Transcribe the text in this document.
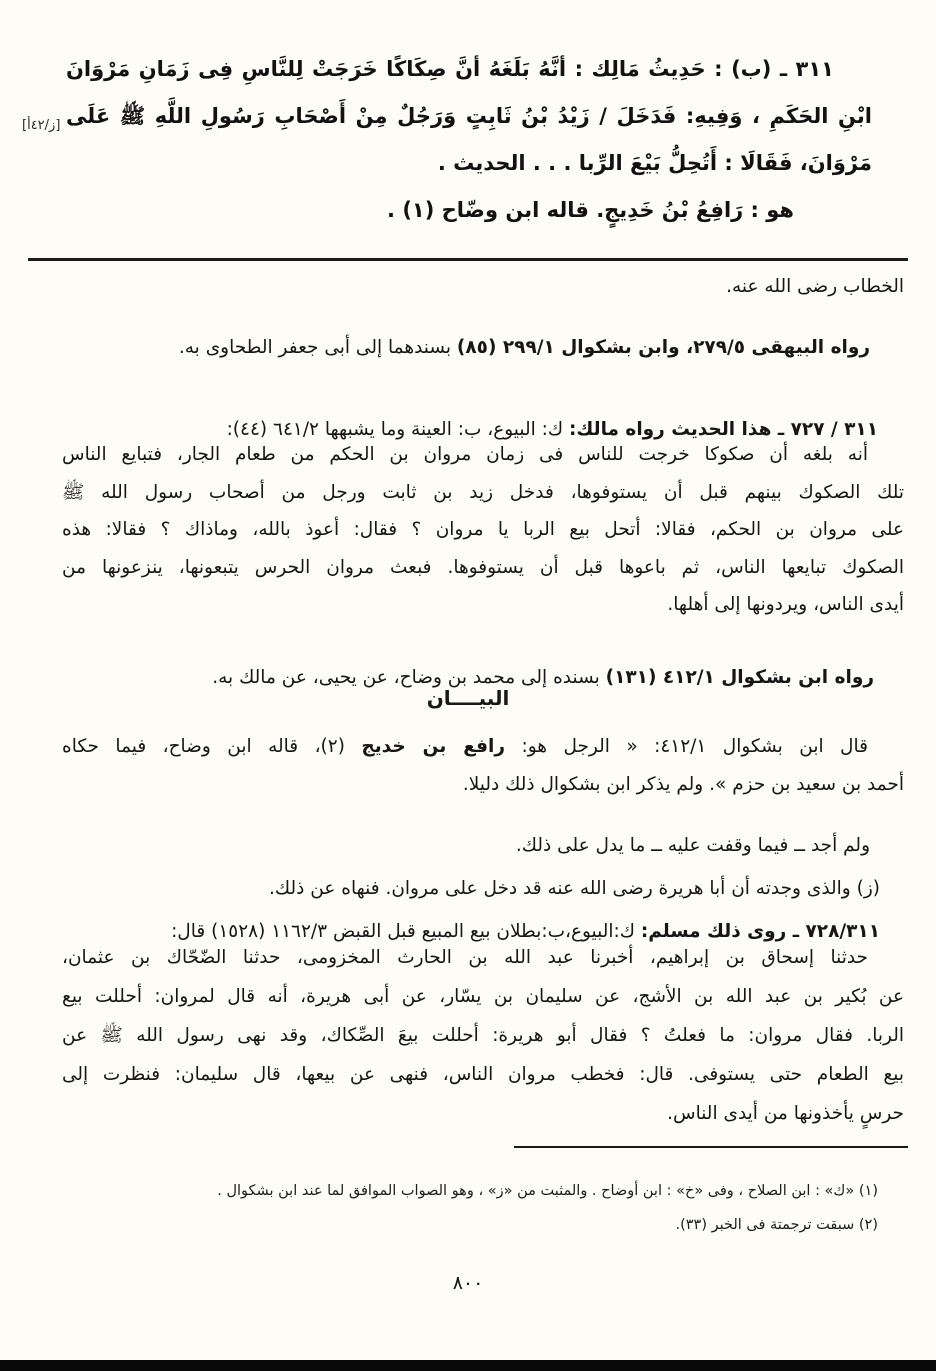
[ز/٤٢أ]
٣١١ ـ (ب) : حَدِيثُ مَالِك : أنَّهُ بَلَغَهُ أنَّ صِكَاكًا خَرَجَتْ لِلنَّاسِ فِى زَمَانِ مَرْوَانَ
ابْنِ الحَكَمِ ، وَفِيهِ: فَدَخَلَ / زَيْدُ بْنُ ثَابِتٍ وَرَجُلٌ مِنْ أَصْحَابِ رَسُولِ اللَّهِ ﷺ عَلَى
مَرْوَانَ، فَقَالَا : أَتُحِلُّ بَيْعَ الرِّبا . . . الحديث .
هو : رَافِعُ بْنُ خَدِيجٍ. قاله ابن وضّاح (١) .
الخطاب رضى الله عنه.

رواه البيهقى ٢٧٩/٥، وابن بشكوال ٢٩٩/١ (٨٥) بسندهما إلى أبى جعفر الطحاوى به.

٣١١ / ٧٢٧ ـ هذا الحديث رواه مالك: ك: البيوع، ب: العينة وما يشبهها ٦٤١/٢ (٤٤):

أنه بلغه أن صكوكا خرجت للناس فى زمان مروان بن الحكم من طعام الجار، فتبايع الناس
تلك الصكوك بينهم قبل أن يستوفوها، فدخل زيد بن ثابت ورجل من أصحاب رسول الله ﷺ
على مروان بن الحكم، فقالا: أتحل بيع الربا يا مروان ؟ فقال: أعوذ بالله، وماذاك ؟ فقالا: هذه
الصكوك تبايعها الناس، ثم باعوها قبل أن يستوفوها. فبعث مروان الحرس يتبعونها، ينزعونها من
أيدى الناس، ويردونها إلى أهلها.

رواه ابن بشكوال ٤١٢/١ (١٣١) بسنده إلى محمد بن وضاح، عن يحيى، عن مالك به.

البيــــان
قال ابن بشكوال ٤١٢/١: « الرجل هو: رافع بن خديج (٢)، قاله ابن وضاح، فيما حكاه
أحمد بن سعيد بن حزم ». ولم يذكر ابن بشكوال ذلك دليلا.

ولم أجد ــ فيما وقفت عليه ــ ما يدل على ذلك.

(ز) والذى وجدته أن أبا هريرة رضى الله عنه قد دخل على مروان. فنهاه عن ذلك.

٧٢٨/٣١١ ـ روى ذلك مسلم: ك:البيوع،ب:بطلان بيع المبيع قبل القبض ١١٦٢/٣ (١٥٢٨) قال:

حدثنا إسحاق بن إبراهيم، أخبرنا عبد الله بن الحارث المخزومى، حدثنا الضّحّاك بن عثمان،
عن بُكير بن عبد الله بن الأشج، عن سليمان بن يسّار، عن أبى هريرة، أنه قال لمروان: أحللت بيع
الربا. فقال مروان: ما فعلتُ ؟ فقال أبو هريرة: أحللت بيعَ الصِّكاك، وقد نهى رسول الله ﷺ عن
بيع الطعام حتى يستوفى. قال: فخطب مروان الناس، فنهى عن بيعها، قال سليمان: فنظرت إلى
حرسٍ يأخذونها من أيدى الناس.

(١) «ك» : ابن الصلاح ، وفى «خ» : ابن أوضاح . والمثبت من «ز» ، وهو الصواب الموافق لما عند ابن بشكوال .

(٢) سبقت ترجمتة فى الخبر (٣٣).

٨٠٠
